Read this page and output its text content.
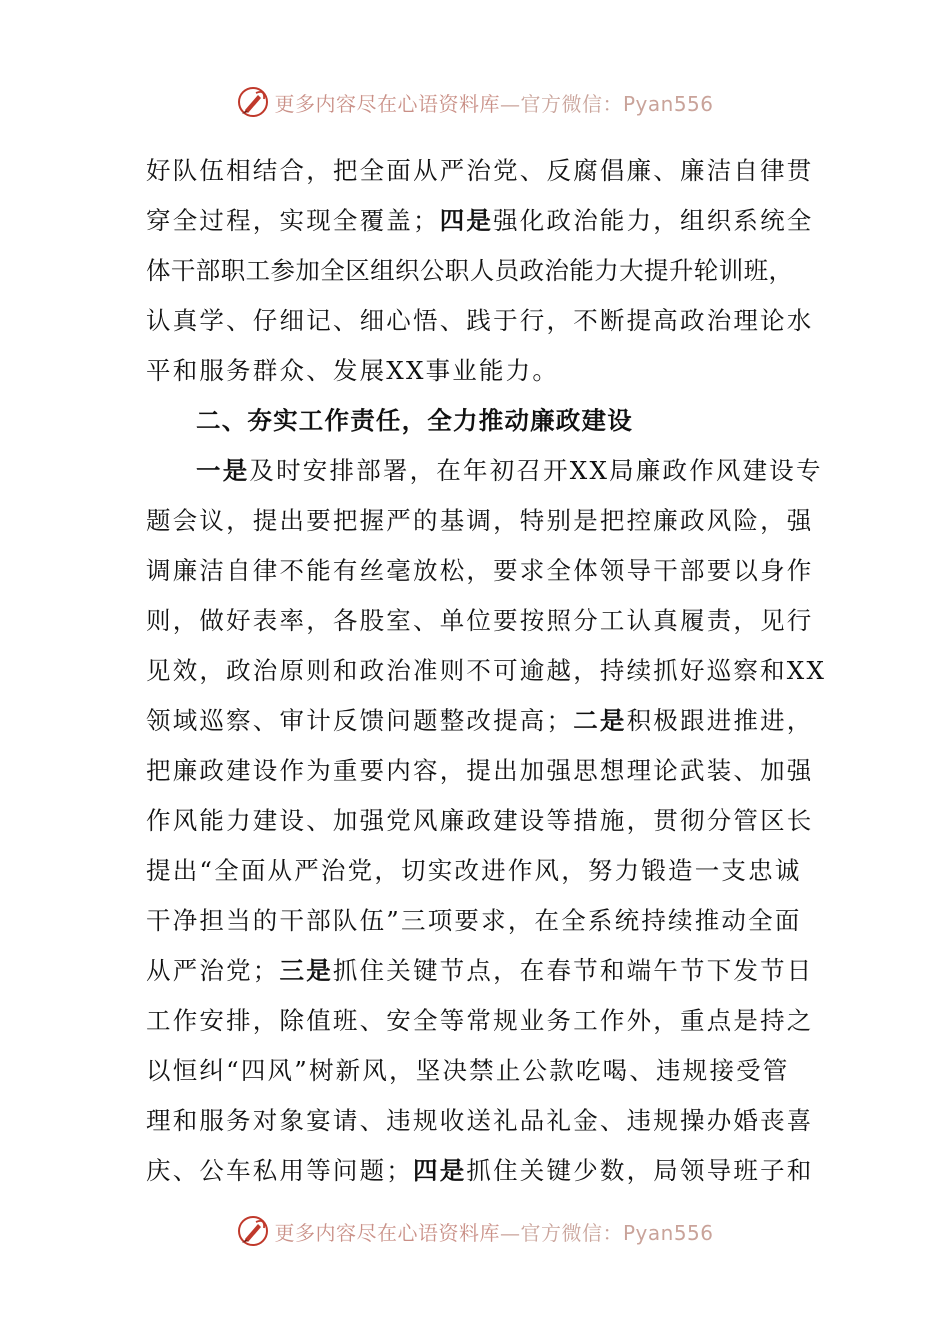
更多内容尽在心语资料库—官方微信：Pyan556
好队伍相结合，把全面从严治党、反腐倡廉、廉洁自律贯
穿全过程，实现全覆盖；四是强化政治能力，组织系统全
体干部职工参加全区组织公职人员政治能力大提升轮训班，
认真学、仔细记、细心悟、践于行，不断提高政治理论水
平和服务群众、发展XX事业能力。
二、夯实工作责任，全力推动廉政建设
一是及时安排部署，在年初召开XX局廉政作风建设专
题会议，提出要把握严的基调，特别是把控廉政风险，强
调廉洁自律不能有丝毫放松，要求全体领导干部要以身作
则，做好表率，各股室、单位要按照分工认真履责，见行
见效，政治原则和政治准则不可逾越，持续抓好巡察和XX
领域巡察、审计反馈问题整改提高；二是积极跟进推进，
把廉政建设作为重要内容，提出加强思想理论武装、加强
作风能力建设、加强党风廉政建设等措施，贯彻分管区长
提出“全面从严治党，切实改进作风，努力锻造一支忠诚
干净担当的干部队伍”三项要求，在全系统持续推动全面
从严治党；三是抓住关键节点，在春节和端午节下发节日
工作安排，除值班、安全等常规业务工作外，重点是持之
以恒纠“四风”树新风，坚决禁止公款吃喝、违规接受管
理和服务对象宴请、违规收送礼品礼金、违规操办婚丧喜
庆、公车私用等问题；四是抓住关键少数，局领导班子和
更多内容尽在心语资料库—官方微信：Pyan556
